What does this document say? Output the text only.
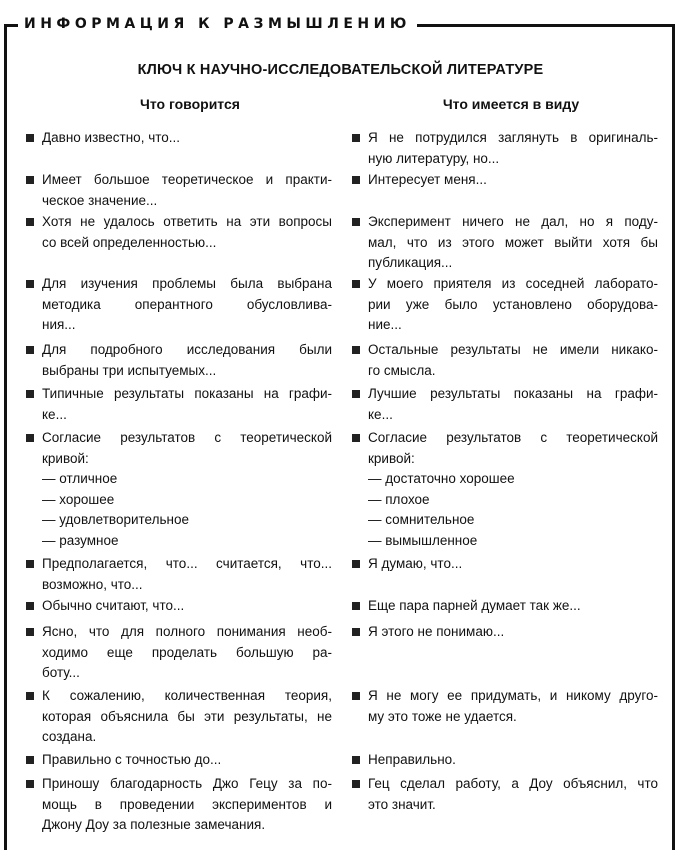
ИНФОРМАЦИЯ К РАЗМЫШЛЕНИЮ
КЛЮЧ К НАУЧНО-ИССЛЕДОВАТЕЛЬСКОЙ ЛИТЕРАТУРЕ
Что говорится	Что имеется в виду
Давно известно, что...
Имеет большое теоретическое и практи-
ческое значение...
Хотя не удалось ответить на эти вопросы
со всей определенностью...
Для изучения проблемы была выбрана
методика оперантного обусловлива-
ния...
Для подробного исследования были
выбраны три испытуемых...
Типичные результаты показаны на графи-
ке...
Согласие результатов с теоретической
кривой:
— отличное
— хорошее
— удовлетворительное
— разумное
Предполагается, что... считается, что...
возможно, что...
Обычно считают, что...
Ясно, что для полного понимания необ-
ходимо еще проделать большую ра-
боту...
К сожалению, количественная теория,
которая объяснила бы эти результаты, не
создана.
Правильно с точностью до...
Приношу благодарность Джо Гецу за по-
мощь в проведении экспериментов и
Джону Доу за полезные замечания.
Я не потрудился заглянуть в оригиналь-
ную литературу, но...
Интересует меня...
Эксперимент ничего не дал, но я поду-
мал, что из этого может выйти хотя бы
публикация...
У моего приятеля из соседней лаборато-
рии уже было установлено оборудова-
ние...
Остальные результаты не имели никако-
го смысла.
Лучшие результаты показаны на графи-
ке...
Согласие результатов с теоретической
кривой:
— достаточно хорошее
— плохое
— сомнительное
— вымышленное
Я думаю, что...
Еще пара парней думает так же...
Я этого не понимаю...
Я не могу ее придумать, и никому друго-
му это тоже не удается.
Неправильно.
Гец сделал работу, а Доу объяснил, что
это значит.
